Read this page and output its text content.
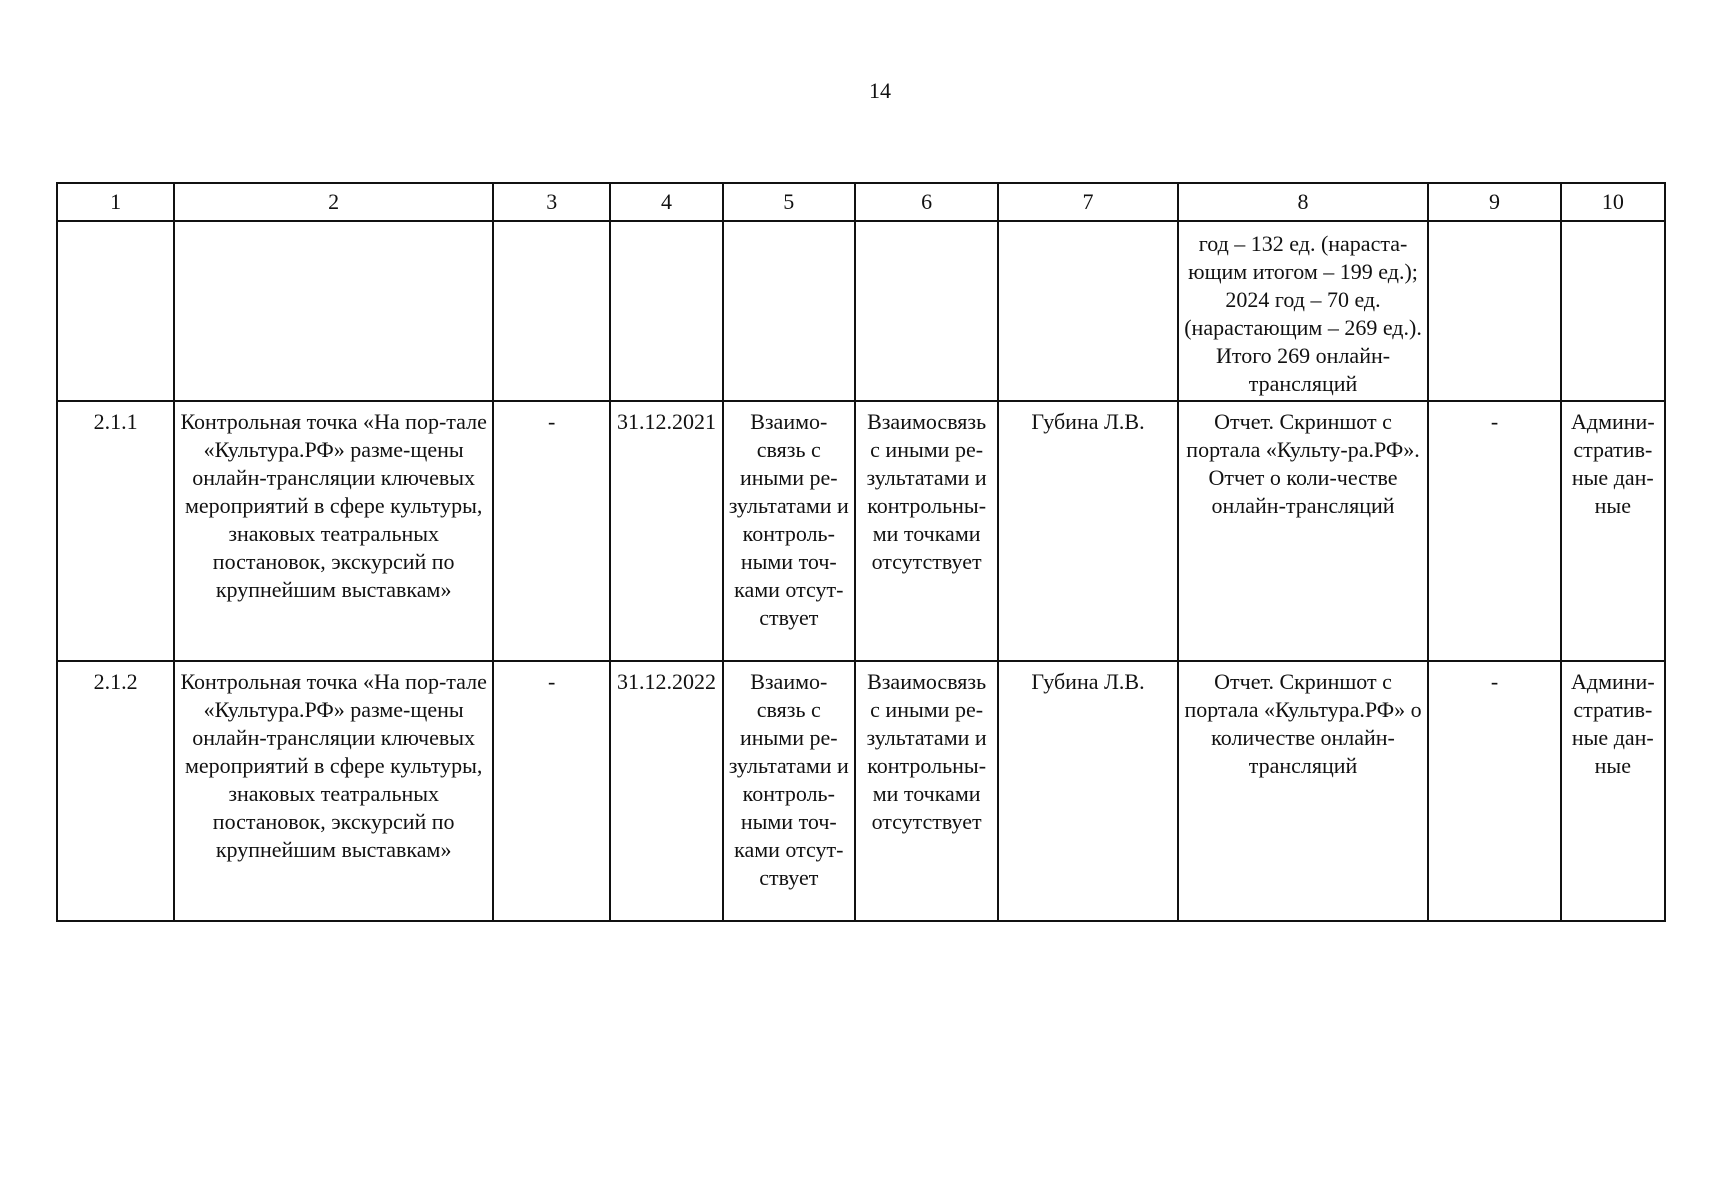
14
1	2	3	4	5	6	7	8	9	10
							год – 132 ед. (нараста-ющим итогом – 199 ед.); 2024 год – 70 ед. (нарастающим – 269 ед.). Итого 269 онлайн-трансляций		
2.1.1	Контрольная точка «На пор-тале «Культура.РФ» разме-щены онлайн-трансляции ключевых мероприятий в сфере культуры, знаковых театральных постановок, экскурсий по крупнейшим выставкам»	-	31.12.2021	Взаимо-связь с иными ре-зультатами и контроль-ными точ-ками отсут-ствует	Взаимосвязь с иными ре-зультатами и контрольны-ми точками отсутствует	Губина Л.В.	Отчет. Скриншот с портала «Культу-ра.РФ». Отчет о коли-честве онлайн-трансляций	-	Админи-стратив-ные дан-ные
2.1.2	Контрольная точка «На пор-тале «Культура.РФ» разме-щены онлайн-трансляции ключевых мероприятий в сфере культуры, знаковых театральных постановок, экскурсий по крупнейшим выставкам»	-	31.12.2022	Взаимо-связь с иными ре-зультатами и контроль-ными точ-ками отсут-ствует	Взаимосвязь с иными ре-зультатами и контрольны-ми точками отсутствует	Губина Л.В.	Отчет. Скриншот с портала «Культура.РФ» о количестве онлайн-трансляций	-	Админи-стратив-ные дан-ные
